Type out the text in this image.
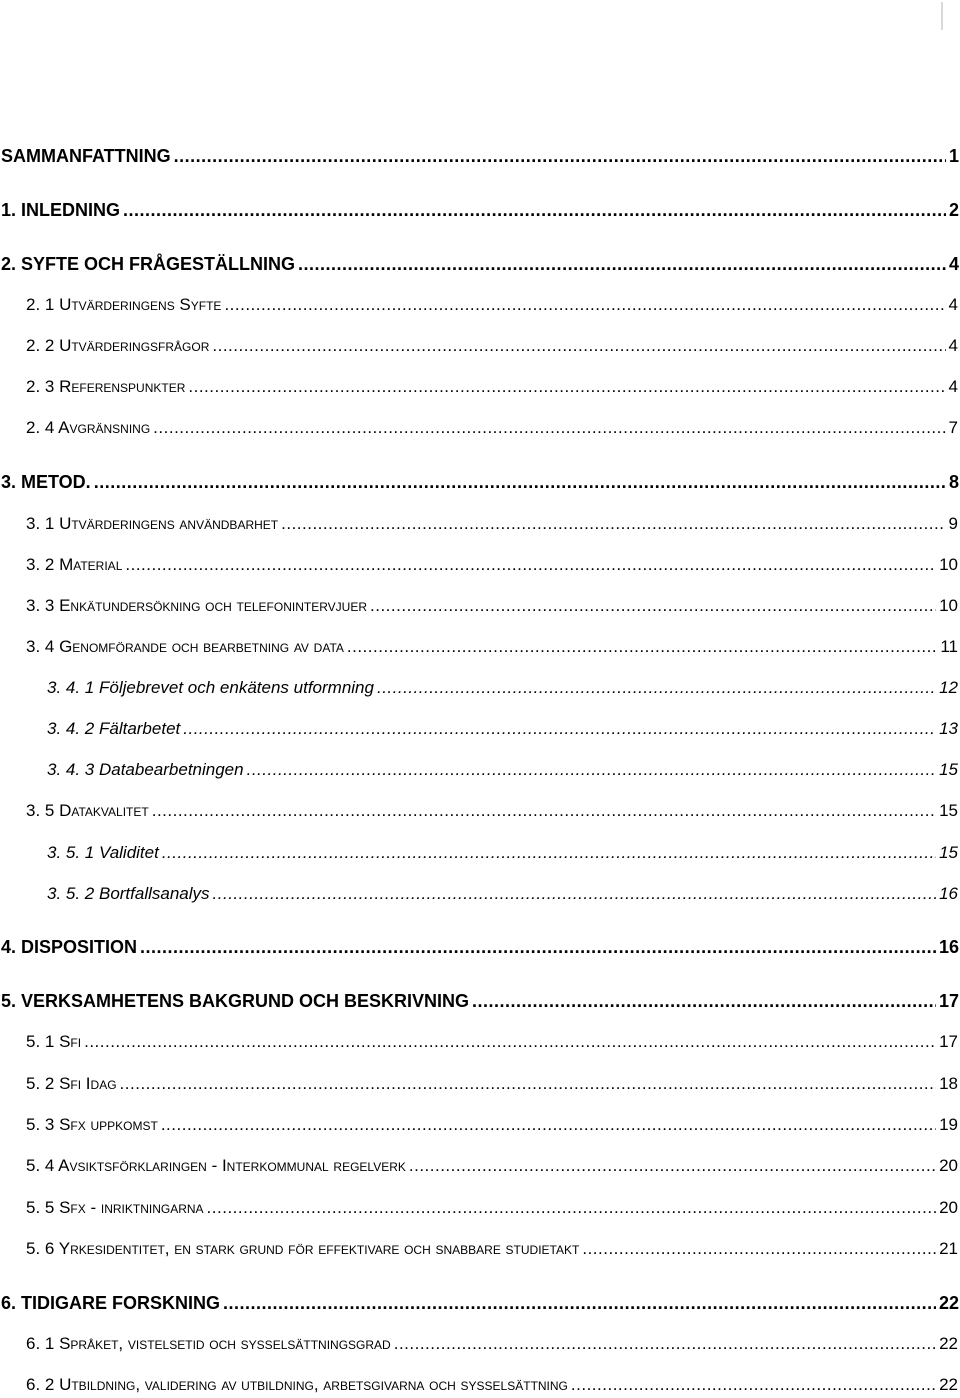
SAMMANFATTNING .....	1
1. INLEDNING .....	2
2. SYFTE OCH FRÅGESTÄLLNING .....	4
2. 1 Utvärderingens Syfte .....	4
2. 2 Utvärderingsfrågor .....	4
2. 3 Referenspunkter .....	4
2. 4 Avgränsning .....	7
3. METOD. .....	8
3. 1 Utvärderingens användbarhet .....	9
3. 2 Material .....	10
3. 3 Enkätundersökning och telefonintervjuer .....	10
3. 4 Genomförande och bearbetning av data .....	11
3. 4. 1 Följebrevet och enkätens utformning .....	12
3. 4. 2 Fältarbetet .....	13
3. 4. 3 Databearbetningen .....	15
3. 5 Datakvalitet .....	15
3. 5. 1 Validitet .....	15
3. 5. 2 Bortfallsanalys .....	16
4. DISPOSITION .....	16
5. VERKSAMHETENS BAKGRUND OCH BESKRIVNING .....	17
5. 1 Sfi .....	17
5. 2 Sfi Idag .....	18
5. 3 Sfx uppkomst .....	19
5. 4 Avsiktsförklaringen - Interkommunal regelverk .....	20
5. 5 Sfx - inriktningarna .....	20
5. 6 Yrkesidentitet, en stark grund för effektivare och snabbare studietakt .....	21
6. TIDIGARE FORSKNING .....	22
6. 1 Språket, vistelsetid och sysselsättningsgrad .....	22
6. 2 Utbildning, validering av utbildning, arbetsgivarna och sysselsättning .....	22
